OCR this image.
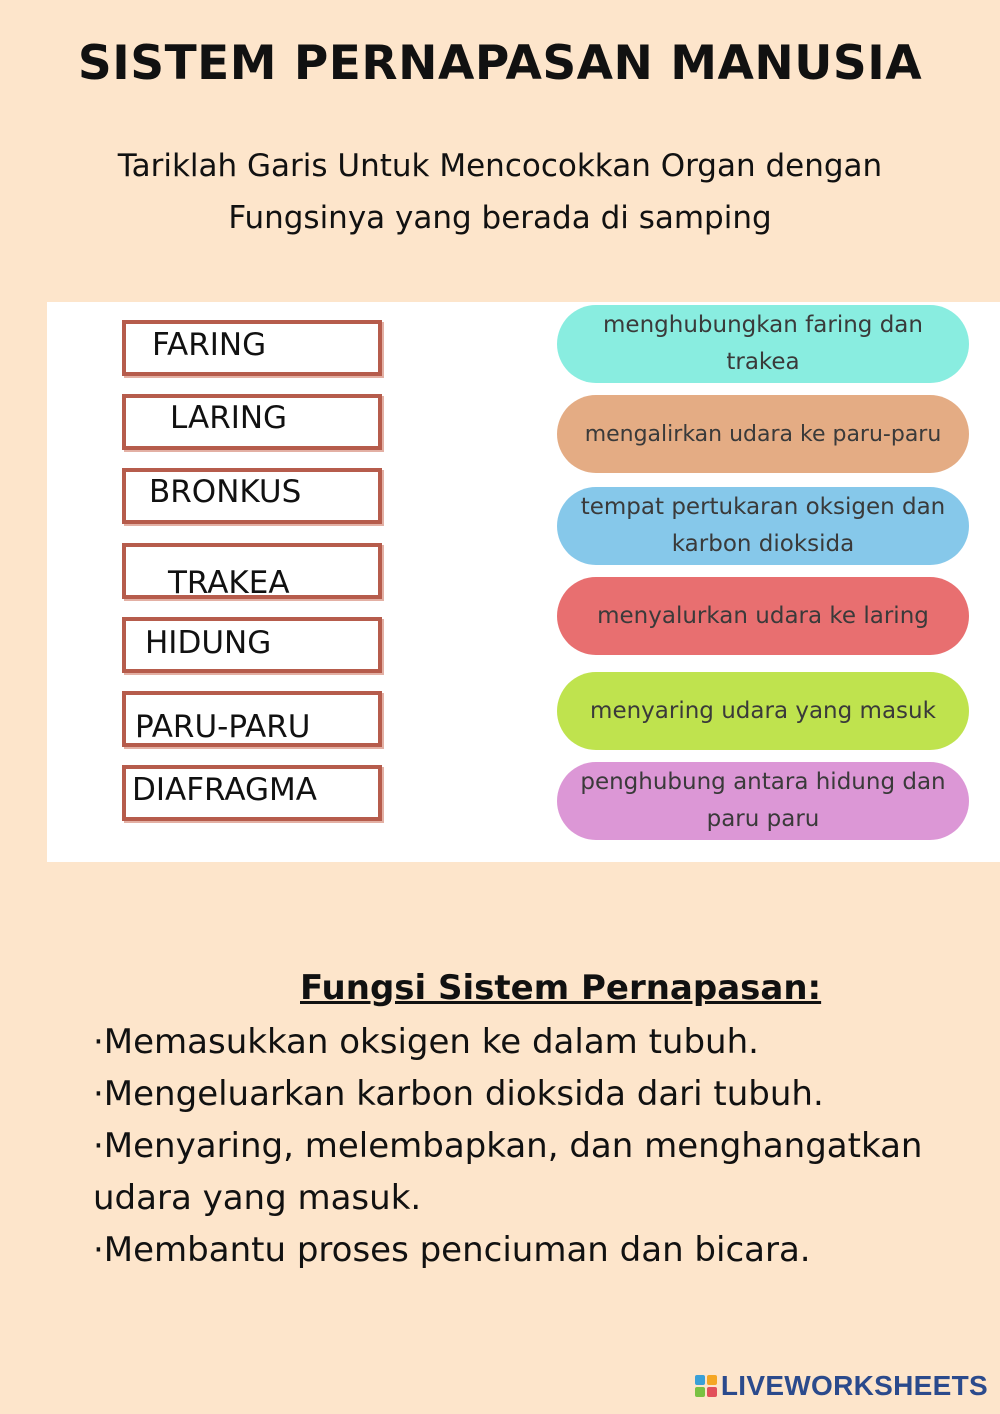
SISTEM PERNAPASAN MANUSIA
Tariklah Garis Untuk Mencocokkan Organ dengan
Fungsinya yang berada di samping
FARING
LARING
BRONKUS
TRAKEA
HIDUNG
PARU-PARU
DIAFRAGMA
menghubungkan faring dan trakea
mengalirkan udara ke paru-paru
tempat pertukaran oksigen dan karbon dioksida
menyalurkan udara ke laring
menyaring udara yang masuk
penghubung antara hidung dan paru paru
Fungsi Sistem Pernapasan:
·Memasukkan oksigen ke dalam tubuh.
·Mengeluarkan karbon dioksida dari tubuh.
·Menyaring, melembapkan, dan menghangatkan udara yang masuk.
·Membantu proses penciuman dan bicara.
LIVEWORKSHEETS
